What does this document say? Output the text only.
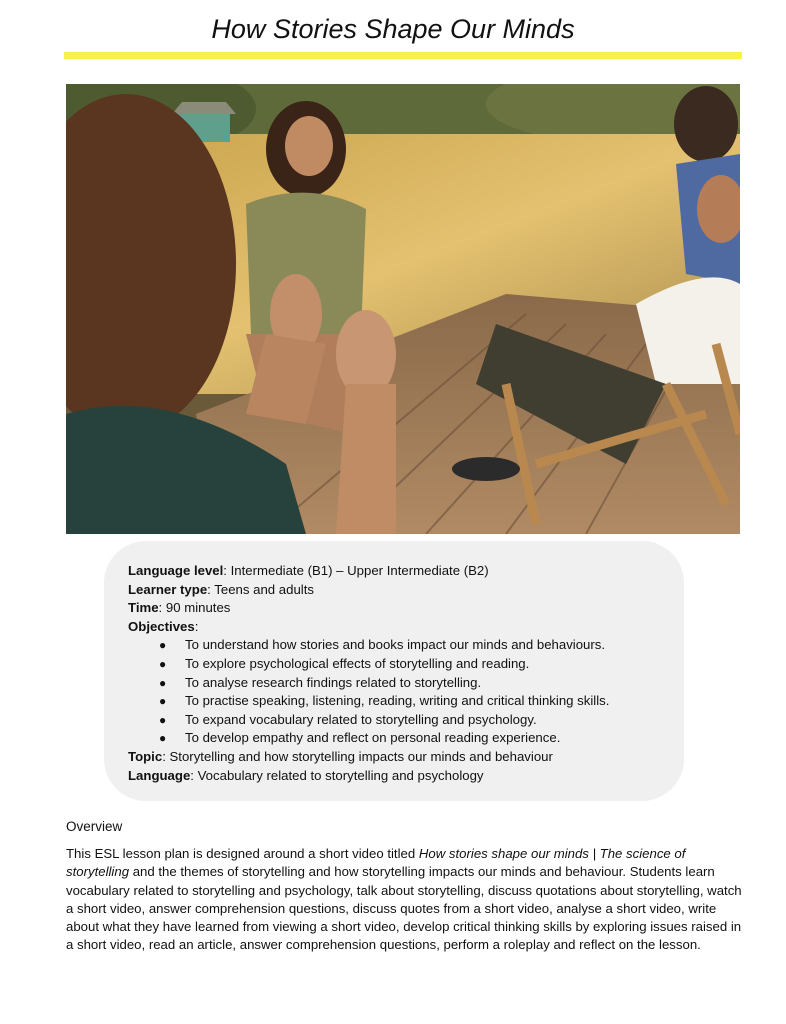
How Stories Shape Our Minds
Language level: Intermediate (B1) – Upper Intermediate (B2)
Learner type: Teens and adults
Time: 90 minutes
Objectives:
● To understand how stories and books impact our minds and behaviours.
● To explore psychological effects of storytelling and reading.
● To analyse research findings related to storytelling.
● To practise speaking, listening, reading, writing and critical thinking skills.
● To expand vocabulary related to storytelling and psychology.
● To develop empathy and reflect on personal reading experience.
Topic: Storytelling and how storytelling impacts our minds and behaviour
Language: Vocabulary related to storytelling and psychology
Overview
This ESL lesson plan is designed around a short video titled How stories shape our minds | The science of storytelling and the themes of storytelling and how storytelling impacts our minds and behaviour. Students learn vocabulary related to storytelling and psychology, talk about storytelling, discuss quotations about storytelling, watch a short video, answer comprehension questions, discuss quotes from a short video, analyse a short video, write about what they have learned from viewing a short video, develop critical thinking skills by exploring issues raised in a short video, read an article, answer comprehension questions, perform a roleplay and reflect on the lesson.
